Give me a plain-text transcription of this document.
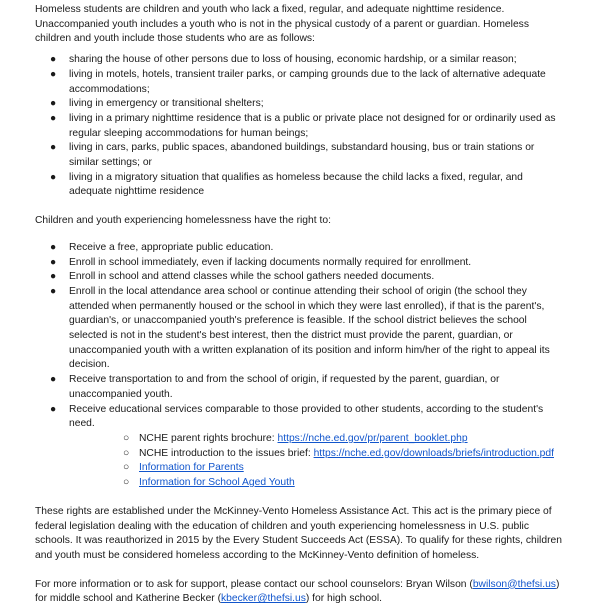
Homeless students are children and youth who lack a fixed, regular, and adequate nighttime residence. Unaccompanied youth includes a youth who is not in the physical custody of a parent or guardian. Homeless children and youth include those students who are as follows:

● sharing the house of other persons due to loss of housing, economic hardship, or a similar reason;
● living in motels, hotels, transient trailer parks, or camping grounds due to the lack of alternative adequate accommodations;
● living in emergency or transitional shelters;
● living in a primary nighttime residence that is a public or private place not designed for or ordinarily used as regular sleeping accommodations for human beings;
● living in cars, parks, public spaces, abandoned buildings, substandard housing, bus or train stations or similar settings; or
● living in a migratory situation that qualifies as homeless because the child lacks a fixed, regular, and adequate nighttime residence

Children and youth experiencing homelessness have the right to:

● Receive a free, appropriate public education.
● Enroll in school immediately, even if lacking documents normally required for enrollment.
● Enroll in school and attend classes while the school gathers needed documents.
● Enroll in the local attendance area school or continue attending their school of origin (the school they attended when permanently housed or the school in which they were last enrolled), if that is the parent's, guardian's, or unaccompanied youth's preference is feasible. If the school district believes the school selected is not in the student's best interest, then the district must provide the parent, guardian, or unaccompanied youth with a written explanation of its position and inform him/her of the right to appeal its decision.
● Receive transportation to and from the school of origin, if requested by the parent, guardian, or unaccompanied youth.
● Receive educational services comparable to those provided to other students, according to the student's need.
○ NCHE parent rights brochure: https://nche.ed.gov/pr/parent_booklet.php
○ NCHE introduction to the issues brief: https://nche.ed.gov/downloads/briefs/introduction.pdf
○ Information for Parents
○ Information for School Aged Youth

These rights are established under the McKinney-Vento Homeless Assistance Act. This act is the primary piece of federal legislation dealing with the education of children and youth experiencing homelessness in U.S. public schools. It was reauthorized in 2015 by the Every Student Succeeds Act (ESSA). To qualify for these rights, children and youth must be considered homeless according to the McKinney-Vento definition of homeless.

For more information or to ask for support, please contact our school counselors: Bryan Wilson (bwilson@thefsi.us) for middle school and Katherine Becker (kbecker@thefsi.us) for high school.
